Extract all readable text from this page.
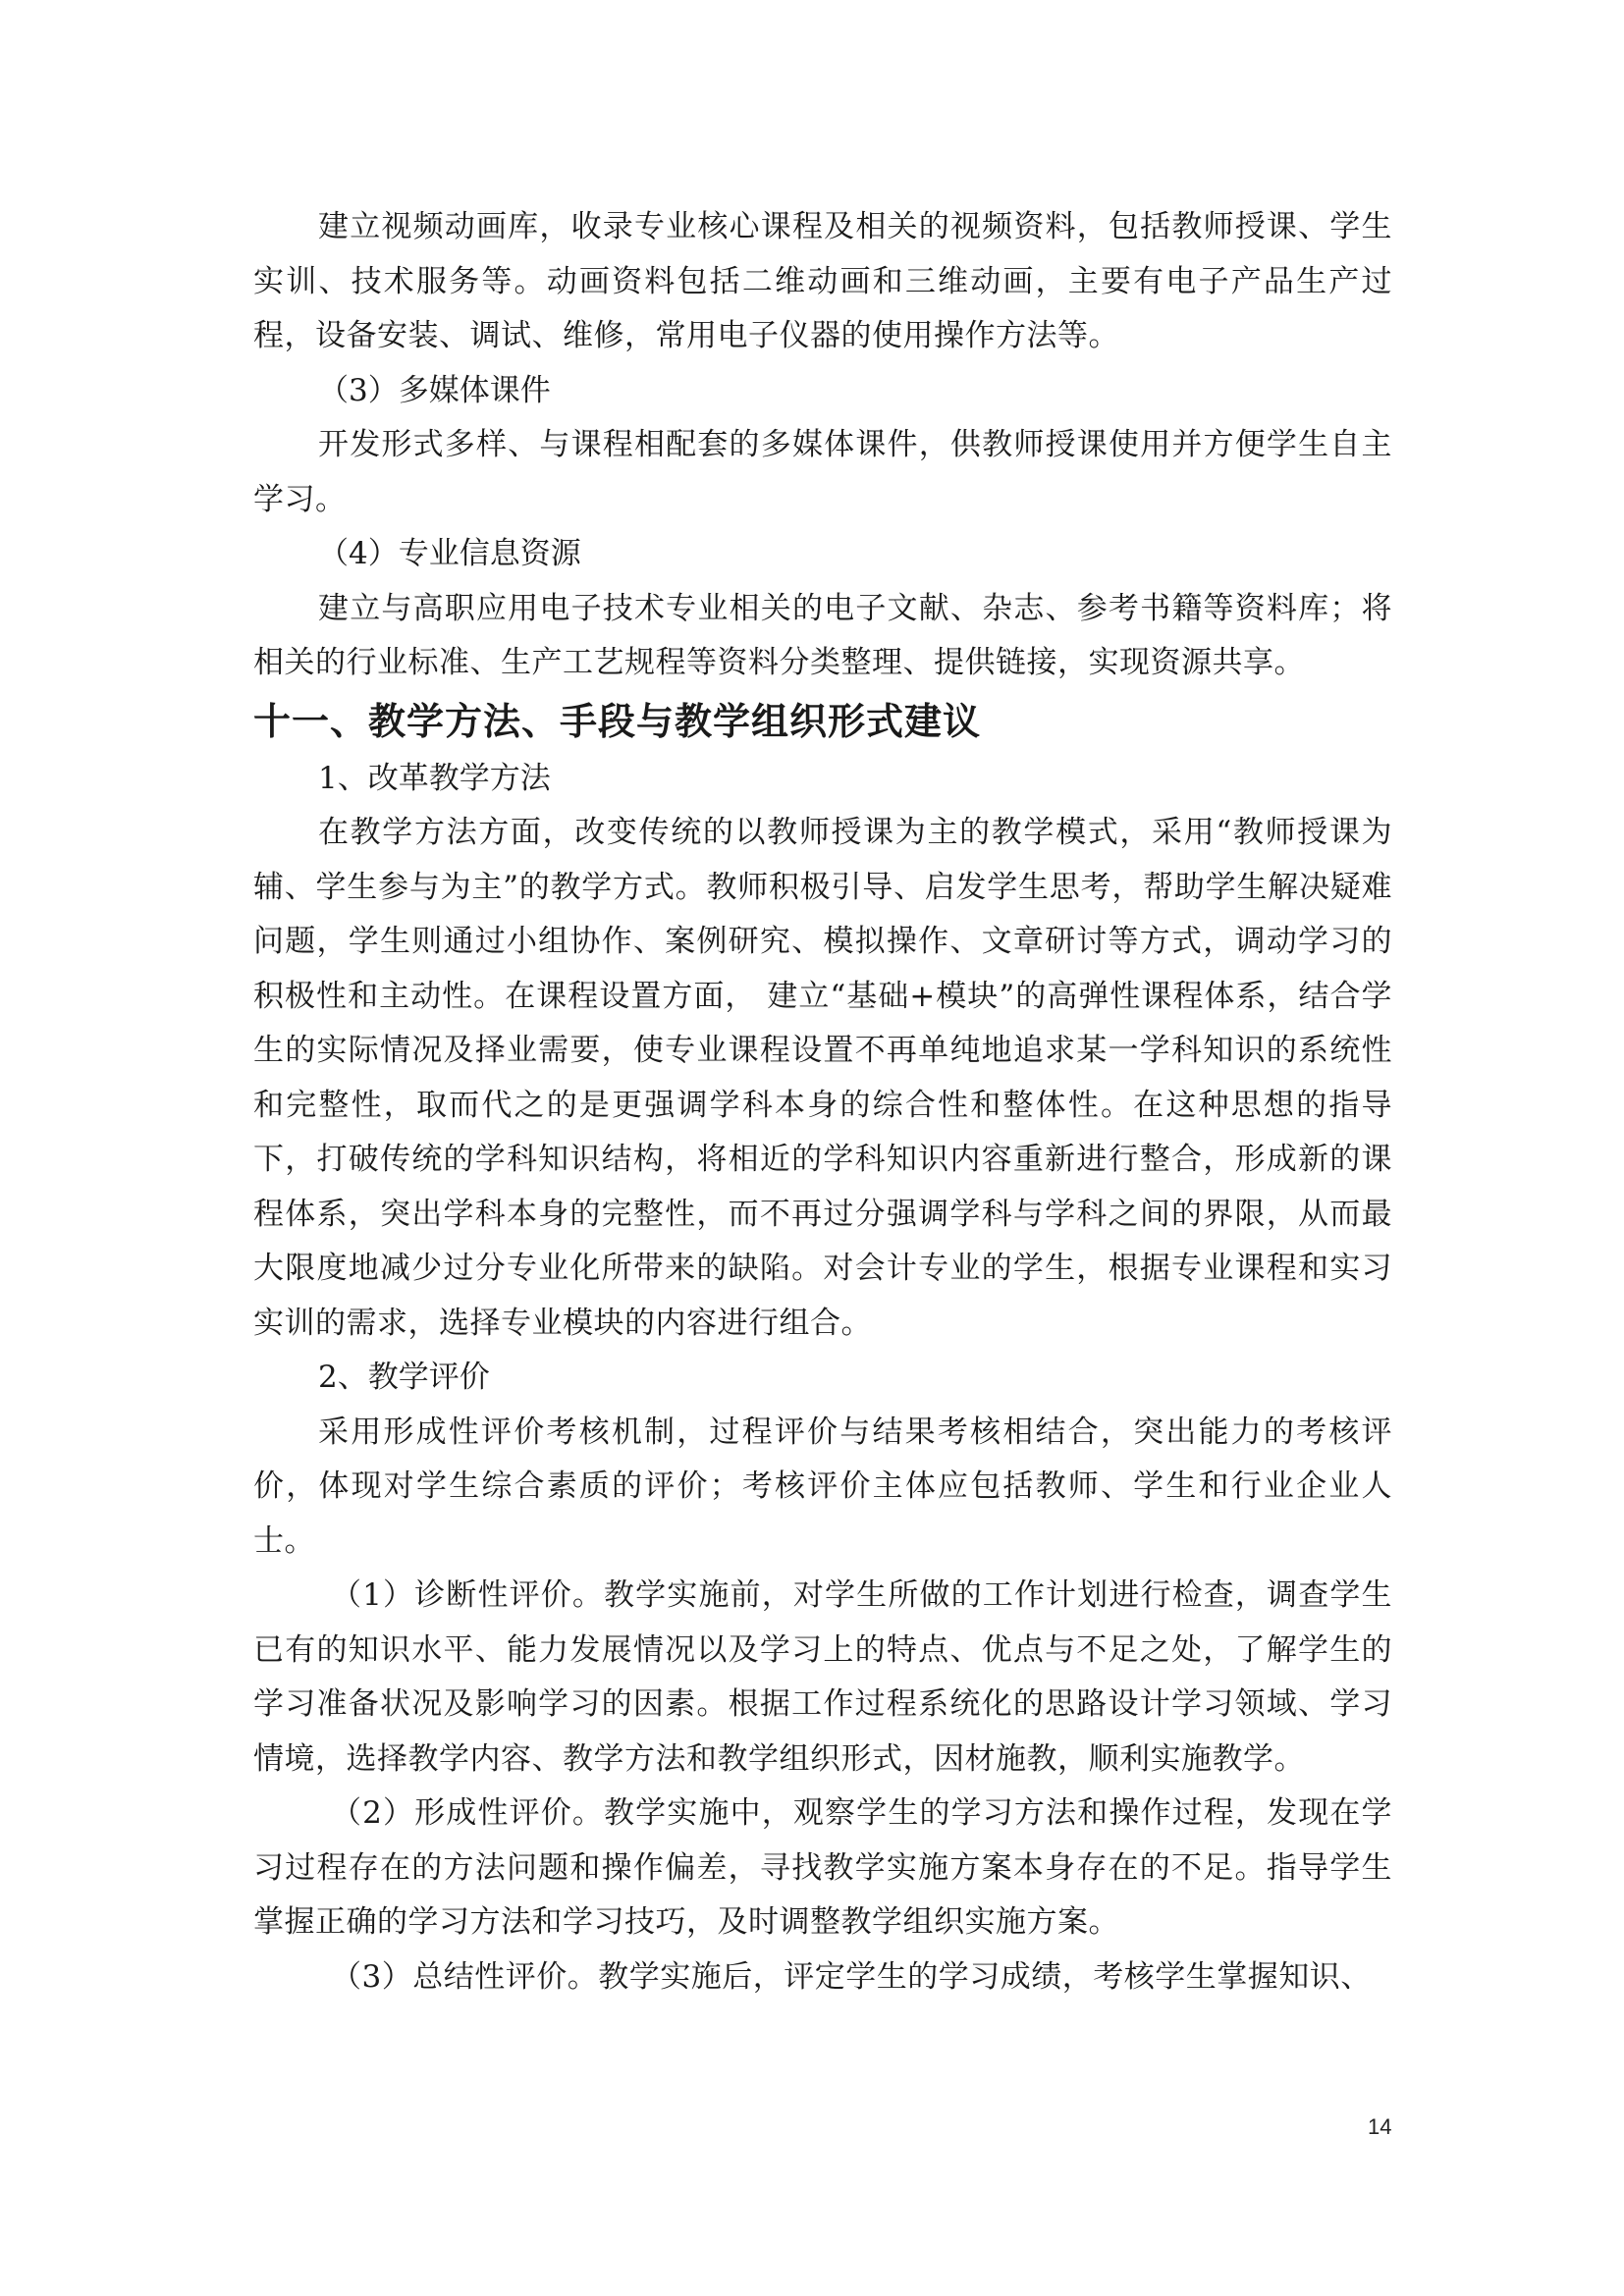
建立视频动画库，收录专业核心课程及相关的视频资料，包括教师授课、学生实训、技术服务等。动画资料包括二维动画和三维动画，主要有电子产品生产过程，设备安装、调试、维修，常用电子仪器的使用操作方法等。

（3）多媒体课件

开发形式多样、与课程相配套的多媒体课件，供教师授课使用并方便学生自主学习。

（4）专业信息资源

建立与高职应用电子技术专业相关的电子文献、杂志、参考书籍等资料库；将相关的行业标准、生产工艺规程等资料分类整理、提供链接，实现资源共享。

十一、教学方法、手段与教学组织形式建议

1、改革教学方法

在教学方法方面，改变传统的以教师授课为主的教学模式，采用“教师授课为辅、学生参与为主”的教学方式。教师积极引导、启发学生思考，帮助学生解决疑难问题，学生则通过小组协作、案例研究、模拟操作、文章研讨等方式，调动学习的积极性和主动性。在课程设置方面， 建立“基础+模块”的高弹性课程体系，结合学生的实际情况及择业需要，使专业课程设置不再单纯地追求某一学科知识的系统性和完整性，取而代之的是更强调学科本身的综合性和整体性。在这种思想的指导下，打破传统的学科知识结构，将相近的学科知识内容重新进行整合，形成新的课程体系，突出学科本身的完整性，而不再过分强调学科与学科之间的界限，从而最大限度地减少过分专业化所带来的缺陷。对会计专业的学生，根据专业课程和实习实训的需求，选择专业模块的内容进行组合。

2、教学评价

采用形成性评价考核机制，过程评价与结果考核相结合，突出能力的考核评价，体现对学生综合素质的评价；考核评价主体应包括教师、学生和行业企业人士。

（1）诊断性评价。教学实施前，对学生所做的工作计划进行检查，调查学生已有的知识水平、能力发展情况以及学习上的特点、优点与不足之处，了解学生的学习准备状况及影响学习的因素。根据工作过程系统化的思路设计学习领域、学习情境，选择教学内容、教学方法和教学组织形式，因材施教，顺利实施教学。

（2）形成性评价。教学实施中，观察学生的学习方法和操作过程，发现在学习过程存在的方法问题和操作偏差，寻找教学实施方案本身存在的不足。指导学生掌握正确的学习方法和学习技巧，及时调整教学组织实施方案。

（3）总结性评价。教学实施后，评定学生的学习成绩，考核学生掌握知识、

14
